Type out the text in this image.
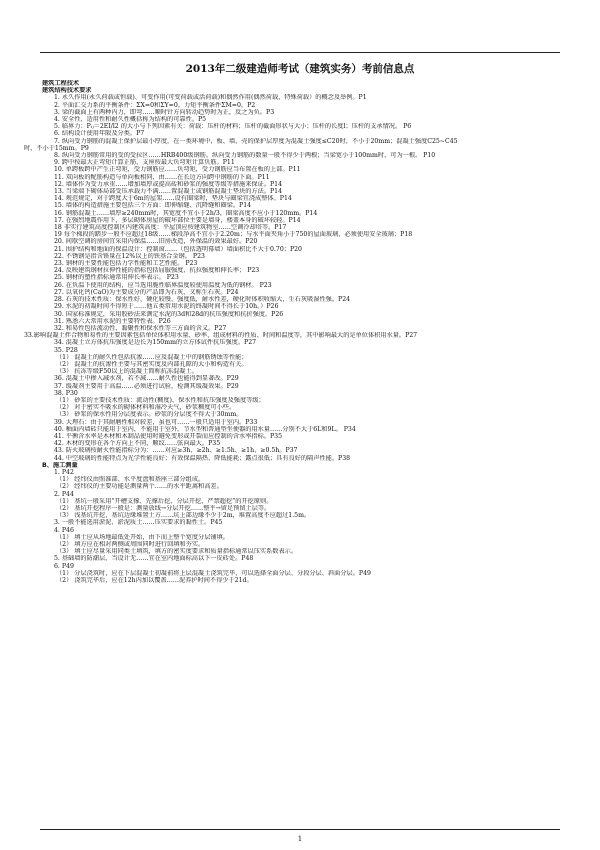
2013年二级建造师考试（建筑实务）考前信息点
建筑工程技术
建筑结构技术要求
1. 永久作用(永久荷载或恒载)、可变作用(可变荷载或活荷载)和偶然作用(偶然荷载、特殊荷载）的概念及举例。P1
2. 平面汇交力系的平衡条件：ΣX=0和ΣY=0。力矩平衡条件ΣM=0。P2
3. 梁的截面上有两种内力，即弯……顺时针方向转动趋势时为正，反之为负。P3
4. 安全性、适用性和耐久性概括称为结构的可靠性。P5
5. 临界力：Pᵢⱼ＝2EI/l2 的大小与下列因素有关：荷载：压杆的材料；压杆的截面形状与大小；压杆的长度l；压杆的支承情况。 P6
6. 结构设计使用年限及分类。P7
7. 纵向受力钢筋的混凝土保护层最小厚度，在一类环境中，板、墙、壳的保护层厚度为混凝土强度≤C20时，不小于20mm；混凝土强度C25~C45
时，不小于15mm。P9
8. 纵向受力钢筋常用的受的受拉区……HRB400级钢筋。纵向受力钢筋的数量一般不得少于两根；当梁宽小于100mm时，可为一根。 P10
9. 跨中按最大正弯矩计算正筋，支座按最大负弯矩计算负筋。P11
10. 单跨板跨中产生正弯矩，受力钢筋应……负弯矩，受力钢筋应当布置在板的上部。P11
11. 双向板的配筋构造与单向板相同，由……在长边方向跨中钢筋的下面。P11
12. 墙体作为受力承重……增加墙厚或提高砖和砂浆的强度等级等措施来保证。P14
13. 当梁端下砌体局部受压承载力不满……置混凝土或钢筋混凝土垫块的方法。P14
14. 规范规定，对于跨度大于6m的屋架……设有圈梁时，垫块与圈梁宜浇成整体。P14
15. 墙体的构造措施主要包括三个方面：即伸缩缝、沉降缝和圈梁。P14
16. 钢筋混凝土……墙厚≥240mm时，其宽度不宜小于2h/3，圈梁高度不应小于120mm。P14
17. 在强烈地震作用下，多层砌体房屋的破坏部位主要是墙身，楼盖本身的破坏较轻。P14
18 非实行建筑高度控制区内建筑高度：平屋顶应按建筑物室……空调冷却塔等。P17
19 每个梯段的踏步一般不应超过18级……梯段净高不宜小于2.20m；与水平面夹角小于750的屋面玻璃，必须使用安全玻璃；P18
20. 间歇空调的房间宜采用内保温……旧房改造，外保温的效果最好。P20
21. 围护结构和地面的保温设计：控制窗……（包括透明幕墙）墙面积比不大于0.70；P20
22. 不锈钢是指含铬量在12%以上的铁基合金钢。 P23
23. 钢材的主要性能包括力学性能和工艺性能。 P23
24. 反映建筑钢材拉伸性能的指标包括屈服强度、抗拉强度和伸长率； P23
25. 钢材的塑性指标通常用伸长率表示。 P23
26. 在负温下使用的结构，应当选用脆性临界温度较使用温度为低的钢材。 P23
27. 以氧化钙(CaO)为主要成分的产品即为石灰，又称生石灰。P24
28. 石灰的技术性质：保水性好，硬化较慢、强度低，耐水性差，硬化时体积收缩大，生石灰吸湿性强。P24
29. 水泥的初凝时间不得短于……他五类常用水泥的终凝时间不得长于10h。）P26
30. 国家标准规定，采用胶砂法来测定水泥的3d和28d的抗压强度和抗折强度。P26
31. 熟悉六大常用水泥的主要特性表。P26
32. 和易性包括流动性、黏聚性和保水性等三方面的含义。P27
33.影响混凝土拌合物和易性的主要因素包括单位体积用水量、砂率、组成材料的性质、时间和温度等，其中影响最大的是单位体积用水量。P27
34. 混凝土立方体抗压强度是边长为150mm的立方体试件抗压强度。P27
35. P28
（1） 混凝土的耐久性包括抗渗……应及混凝土中的钢筋锈蚀等性能；
（2） 混凝土的抗渗性主要与其密实度及内部孔隙的大小和构造有关。
（3） 抗冻等级F50以上的混凝土简称抗冻混凝土。
36. 混凝土中掺入减水剂，若不减……耐久性也能得到显著改。P29
37. 缓凝剂主要用于高温……必须进行试验，检测其缓凝效果。P29
38. P30
（1） 砂浆的主要技术性质：流动性(稠度)、保水性和抗压强度及强度等级；
（2） 对于密实不吸水的砌体材料和湿冷天气，砂浆稠度可小些。
（3） 砂浆的保水性用分层度表示。砂浆的分层度不得大于30mm。
39. 大理石：由于其耐磨性相对较差，虽也可……一般只适用于室内。P33
40. 釉面内墙砖只能用于室内，不能用于室外。节水型和普通型坐便器的用水量……分别不大于6L和9L。 P34
41. 平衡含水率是木材和木制品使用时避免变形或开裂而应控制的含水率指标。P35
42. 木材的变形在各个方向上不同，顺纹……弦向最大。P35
43. 防火玻璃按耐火性能指标分为：……对应≥3h、≥2h、≥1.5h、≥1h、≥0.5h。P37
44. 中空玻璃的性能特点为光学性能良好；有效保温隔热、降低能耗；露点很低；具有良好的隔声性能。P38
B、施工测量
1. P42
（1） 经纬仪由照准部、水平度盘和基座三部分组成。
（2） 经纬仪的主要功能是测量两个……的水平距离和高差。
2. P44
（1） 基坑一般采用“开槽支撑、先撑后挖、分层开挖、严禁超挖”的开挖原则。
（2） 基坑开挖程序一般是：测量放线→分层开挖……整平→留足预留土层等。
（3） 浅基坑开挖，基坑边缘堆置土方……坑上部边缘不少于2m，堆置高度不应超过1.5m。
3. 一般不能选用淤泥、淤泥质土……压实要求的黏性土。P45
4. P46
（1） 填土应从场地最低处开始，由下而上整个宽度分层铺填。
（2） 填方应在相对两侧或周围同时进行回填和夯实。
（3） 填土应尽量采用同类土填筑，填方的密实度要求和质量指标通常以压实系数表示。
5. 基础墙的防潮层，当设计无……宜在室内地面标高以下一皮砖处。P48
6. P49
（1） 分层浇筑时，应在下层混凝土初凝前将上层混凝土浇筑完毕，可以选择全面分层、分段分层、斜面分层。P49
（2） 浇筑完毕后，应在12h内加以覆盖……泥养护时间不得少于21d。
1
